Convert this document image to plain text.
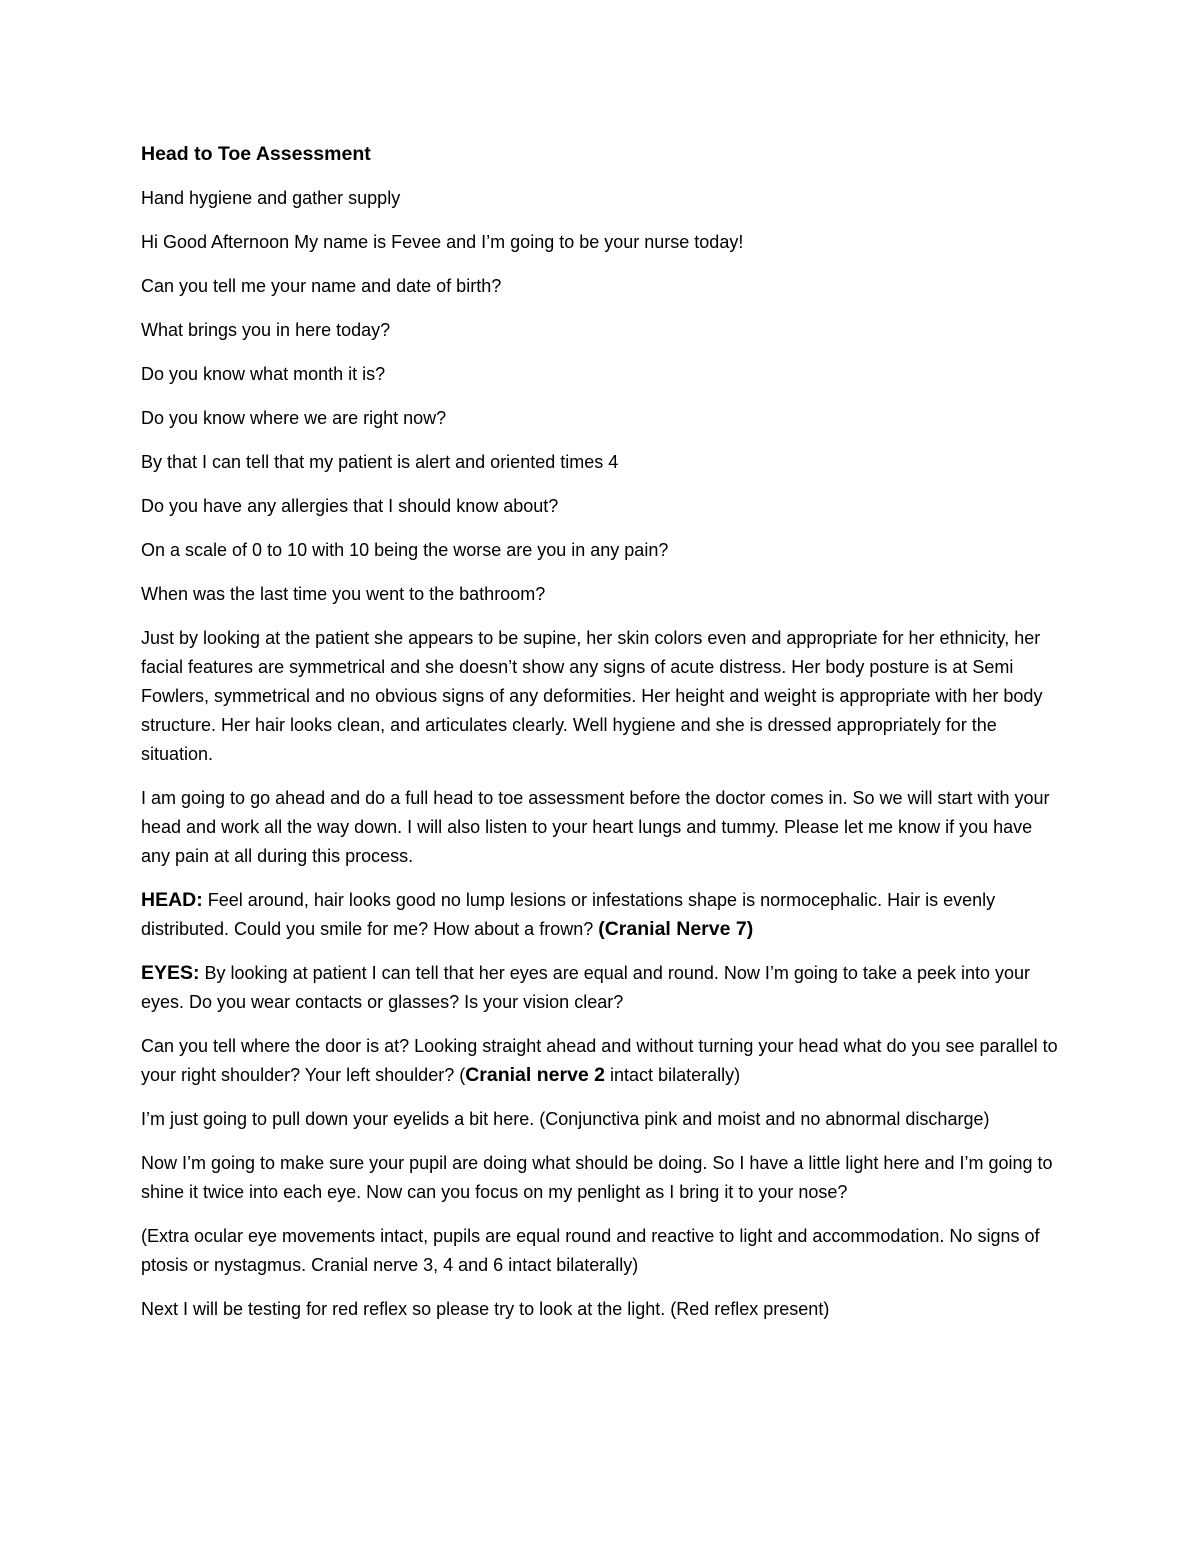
Head to Toe Assessment
Hand hygiene and gather supply
Hi Good Afternoon My name is Fevee and I’m going to be your nurse today!
Can you tell me your name and date of birth?
What brings you in here today?
Do you know what month it is?
Do you know where we are right now?
By that I can tell that my patient is alert and oriented times 4
Do you have any allergies that I should know about?
On a scale of 0 to 10 with 10 being the worse are you in any pain?
When was the last time you went to the bathroom?
Just by looking at the patient she appears to be supine, her skin colors even and appropriate for her ethnicity, her facial features are symmetrical and she doesn’t show any signs of acute distress. Her body posture is at Semi Fowlers, symmetrical and no obvious signs of any deformities. Her height and weight is appropriate with her body structure. Her hair looks clean, and articulates clearly. Well hygiene and she is dressed appropriately for the situation.
I am going to go ahead and do a full head to toe assessment before the doctor comes in. So we will start with your head and work all the way down. I will also listen to your heart lungs and tummy. Please let me know if you have any pain at all during this process.
HEAD: Feel around, hair looks good no lump lesions or infestations shape is normocephalic. Hair is evenly distributed. Could you smile for me? How about a frown? (Cranial Nerve 7)
EYES: By looking at patient I can tell that her eyes are equal and round. Now I’m going to take a peek into your eyes. Do you wear contacts or glasses? Is your vision clear?
Can you tell where the door is at? Looking straight ahead and without turning your head what do you see parallel to your right shoulder? Your left shoulder? (Cranial nerve 2 intact bilaterally)
I’m just going to pull down your eyelids a bit here. (Conjunctiva pink and moist and no abnormal discharge)
Now I’m going to make sure your pupil are doing what should be doing. So I have a little light here and I’m going to shine it twice into each eye. Now can you focus on my penlight as I bring it to your nose?
(Extra ocular eye movements intact, pupils are equal round and reactive to light and accommodation. No signs of ptosis or nystagmus. Cranial nerve 3, 4 and 6 intact bilaterally)
Next I will be testing for red reflex so please try to look at the light. (Red reflex present)
